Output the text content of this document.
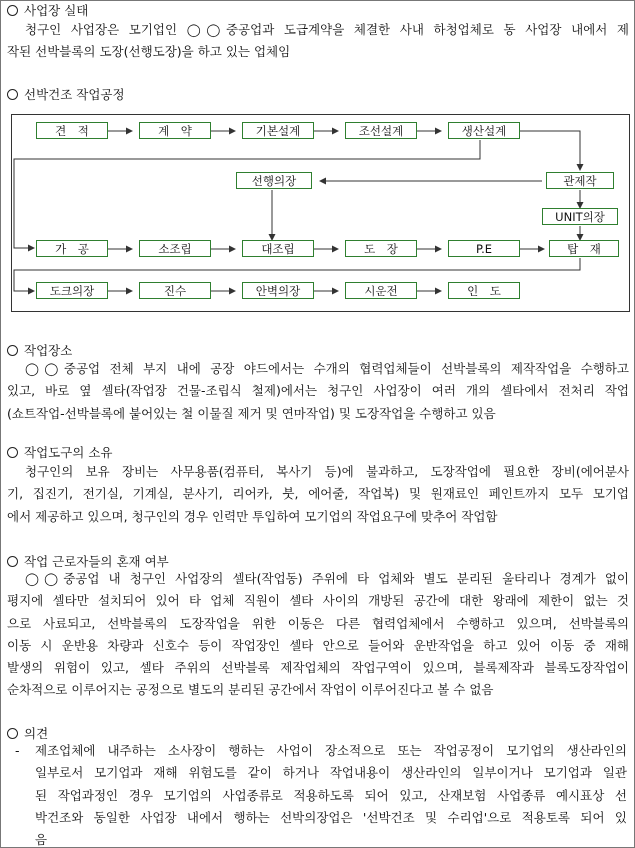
사업장 실태
청구인 사업장은 모기업인 ◯◯중공업과 도급계약을 체결한 사내 하청업체로 동 사업장 내에서 제
작된 선박블록의 도장(선행도장)을 하고 있는 업체임
선박건조 작업공정
견　적	계　약	기본설계	조선설계	생산설계
선행의장	관제작
UNIT의장
가　공	소조립	대조립	도　장	P.E	탑　재
도크의장	진수	안벽의장	시운전	인　도
작업장소
◯◯중공업 전체 부지 내에 공장 야드에서는 수개의 협력업체들이 선박블록의 제작작업을 수행하고
있고, 바로 옆 셀타(작업장 건물-조립식 철제)에서는 청구인 사업장이 여러 개의 셀타에서 전처리 작업
(쇼트작업-선박블록에 붙어있는 철 이물질 제거 및 연마작업) 및 도장작업을 수행하고 있음
작업도구의 소유
청구인의 보유 장비는 사무용품(컴퓨터, 복사기 등)에 불과하고, 도장작업에 필요한 장비(에어분사
기, 집진기, 전기실, 기계실, 분사기, 리어카, 붓, 에어줄, 작업복) 및 원재료인 페인트까지 모두 모기업
에서 제공하고 있으며, 청구인의 경우 인력만 투입하여 모기업의 작업요구에 맞추어 작업함
작업 근로자들의 혼재 여부
◯◯중공업 내 청구인 사업장의 셀타(작업동) 주위에 타 업체와 별도 분리된 울타리나 경계가 없이
평지에 셀타만 설치되어 있어 타 업체 직원이 셀타 사이의 개방된 공간에 대한 왕래에 제한이 없는 것
으로 사료되고, 선박블록의 도장작업을 위한 이동은 다른 협력업체에서 수행하고 있으며, 선박블록의
이동 시 운반용 차량과 신호수 등이 작업장인 셀타 안으로 들어와 운반작업을 하고 있어 이동 중 재해
발생의 위험이 있고, 셀타 주위의 선박블록 제작업체의 작업구역이 있으며, 블록제작과 블록도장작업이
순차적으로 이루어지는 공정으로 별도의 분리된 공간에서 작업이 이루어진다고 볼 수 없음
의견
-	제조업체에 내주하는 소사장이 행하는 사업이 장소적으로 또는 작업공정이 모기업의 생산라인의
일부로서 모기업과 재해 위험도를 같이 하거나 작업내용이 생산라인의 일부이거나 모기업과 일관
된 작업과정인 경우 모기업의 사업종류로 적용하도록 되어 있고, 산재보험 사업종류 예시표상 선
박건조와 동일한 사업장 내에서 행하는 선박의장업은 '선박건조 및 수리업'으로 적용토록 되어 있
음
